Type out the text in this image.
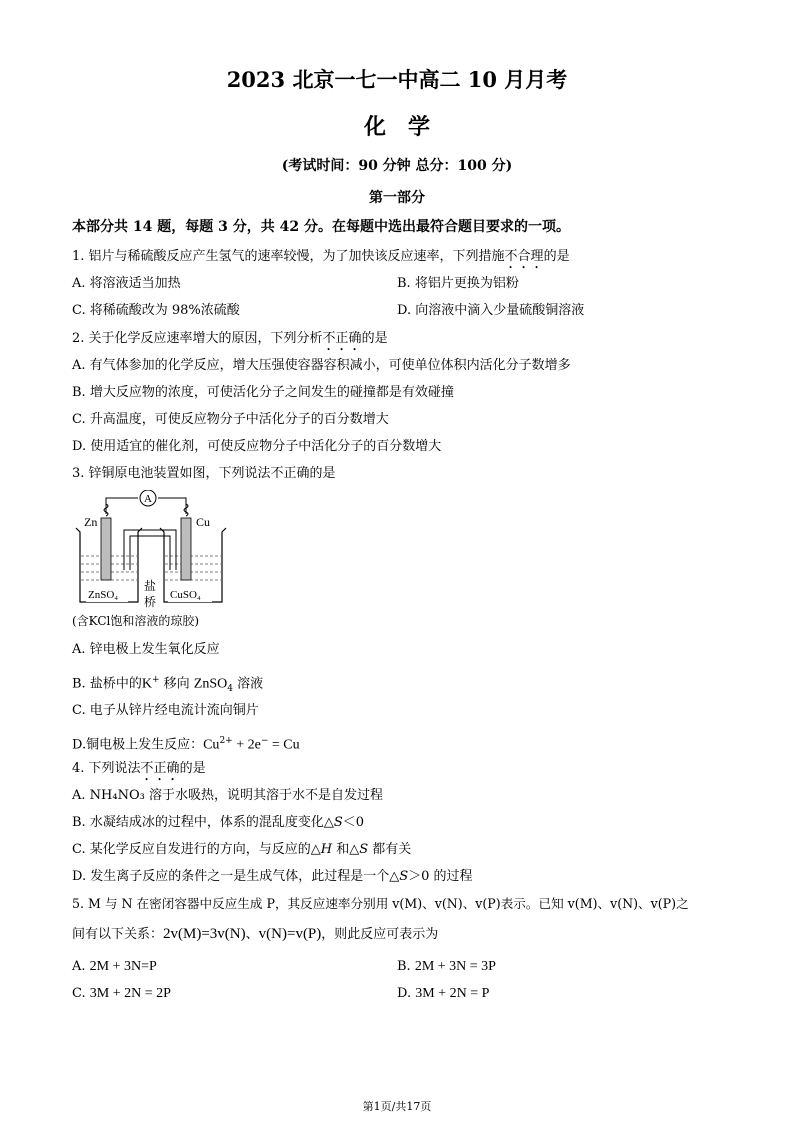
2023 北京一七一中高二 10 月月考
化　学
(考试时间：90 分钟 总分：100 分)
第一部分
本部分共 14 题，每题 3 分，共 42 分。在每题中选出最符合题目要求的一项。
1. 铝片与稀硫酸反应产生氢气的速率较慢，为了加快该反应速率，下列措施不合理的是
A. 将溶液适当加热	B. 将铝片更换为铝粉
C. 将稀硫酸改为 98%浓硫酸	D. 向溶液中滴入少量硫酸铜溶液
2. 关于化学反应速率增大的原因，下列分析不正确的是
A. 有气体参加的化学反应，增大压强使容器容积减小，可使单位体积内活化分子数增多
B. 增大反应物的浓度，可使活化分子之间发生的碰撞都是有效碰撞
C. 升高温度，可使反应物分子中活化分子的百分数增大
D. 使用适宜的催化剂，可使反应物分子中活化分子的百分数增大
3. 锌铜原电池装置如图，下列说法不正确的是
A
Zn	Cu
ZnSO₄	CuSO₄
盐
桥
(含KCl饱和溶液的琼胶)
A. 锌电极上发生氧化反应
B. 盐桥中的K+ 移向 ZnSO$_4$ 溶液
C. 电子从锌片经电流计流向铜片
D.铜电极上发生反应：$Cu^{2+} + 2e^- = Cu$
4. 下列说法不正确的是
A. NH₄NO₃ 溶于水吸热，说明其溶于水不是自发过程
B. 水凝结成冰的过程中，体系的混乱度变化△S＜0
C. 某化学反应自发进行的方向，与反应的△H 和△S 都有关
D. 发生离子反应的条件之一是生成气体，此过程是一个△S＞0 的过程
5. M 与 N 在密闭容器中反应生成 P，其反应速率分别用 v(M)、v(N)、v(P)表示。已知 v(M)、v(N)、v(P)之
间有以下关系：2v(M)=3v(N)、v(N)=v(P)，则此反应可表示为
A. 2M + 3N=P	B. 2M + 3N = 3P
C. 3M + 2N = 2P	D. 3M + 2N = P
第1页/共17页
